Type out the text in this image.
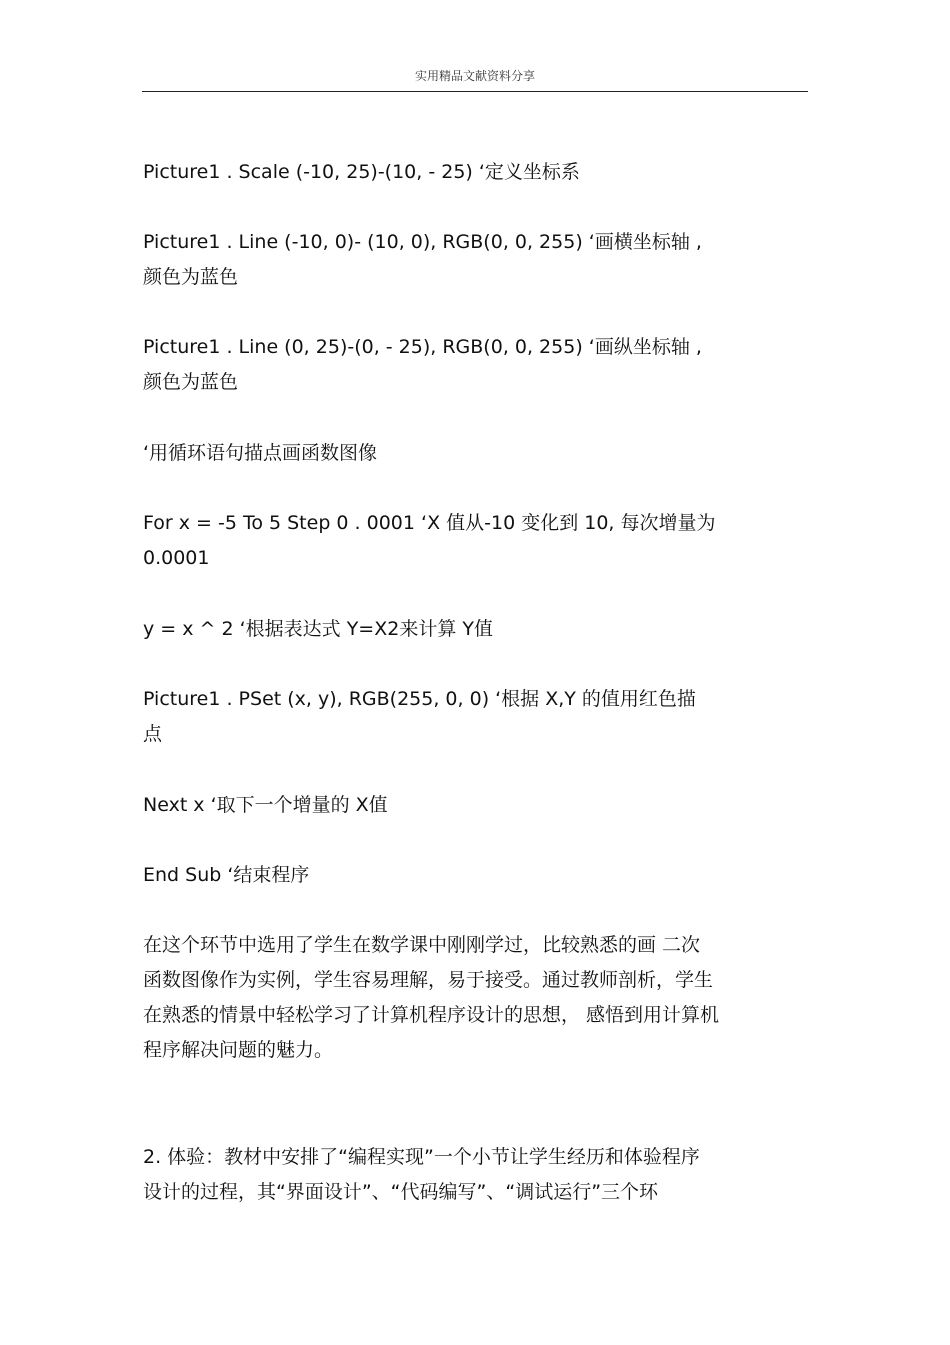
实用精品文献资料分享
Picture1 . Scale (-10, 25)-(10, - 25) ‘定义坐标系
Picture1 . Line (-10, 0)- (10, 0), RGB(0, 0, 255) ‘画横坐标轴 ,
颜色为蓝色
Picture1 . Line (0, 25)-(0, - 25), RGB(0, 0, 255) ‘画纵坐标轴 ,
颜色为蓝色
‘用循环语句描点画函数图像
For x = -5 To 5 Step 0 . 0001 ‘X 值从-10 变化到 10, 每次增量为
0.0001
y = x ^ 2 ‘根据表达式 Y=X2来计算 Y值
Picture1 . PSet (x, y), RGB(255, 0, 0) ‘根据 X,Y 的值用红色描
点
Next x ‘取下一个增量的 X值
End Sub ‘结束程序
在这个环节中选用了学生在数学课中刚刚学过，比较熟悉的画 二次
函数图像作为实例，学生容易理解，易于接受。通过教师剖析，学生
在熟悉的情景中轻松学习了计算机程序设计的思想， 感悟到用计算机
程序解决问题的魅力。
2. 体验：教材中安排了“编程实现”一个小节让学生经历和体验程序
设计的过程，其“界面设计”、“代码编写”、“调试运行”三个环
